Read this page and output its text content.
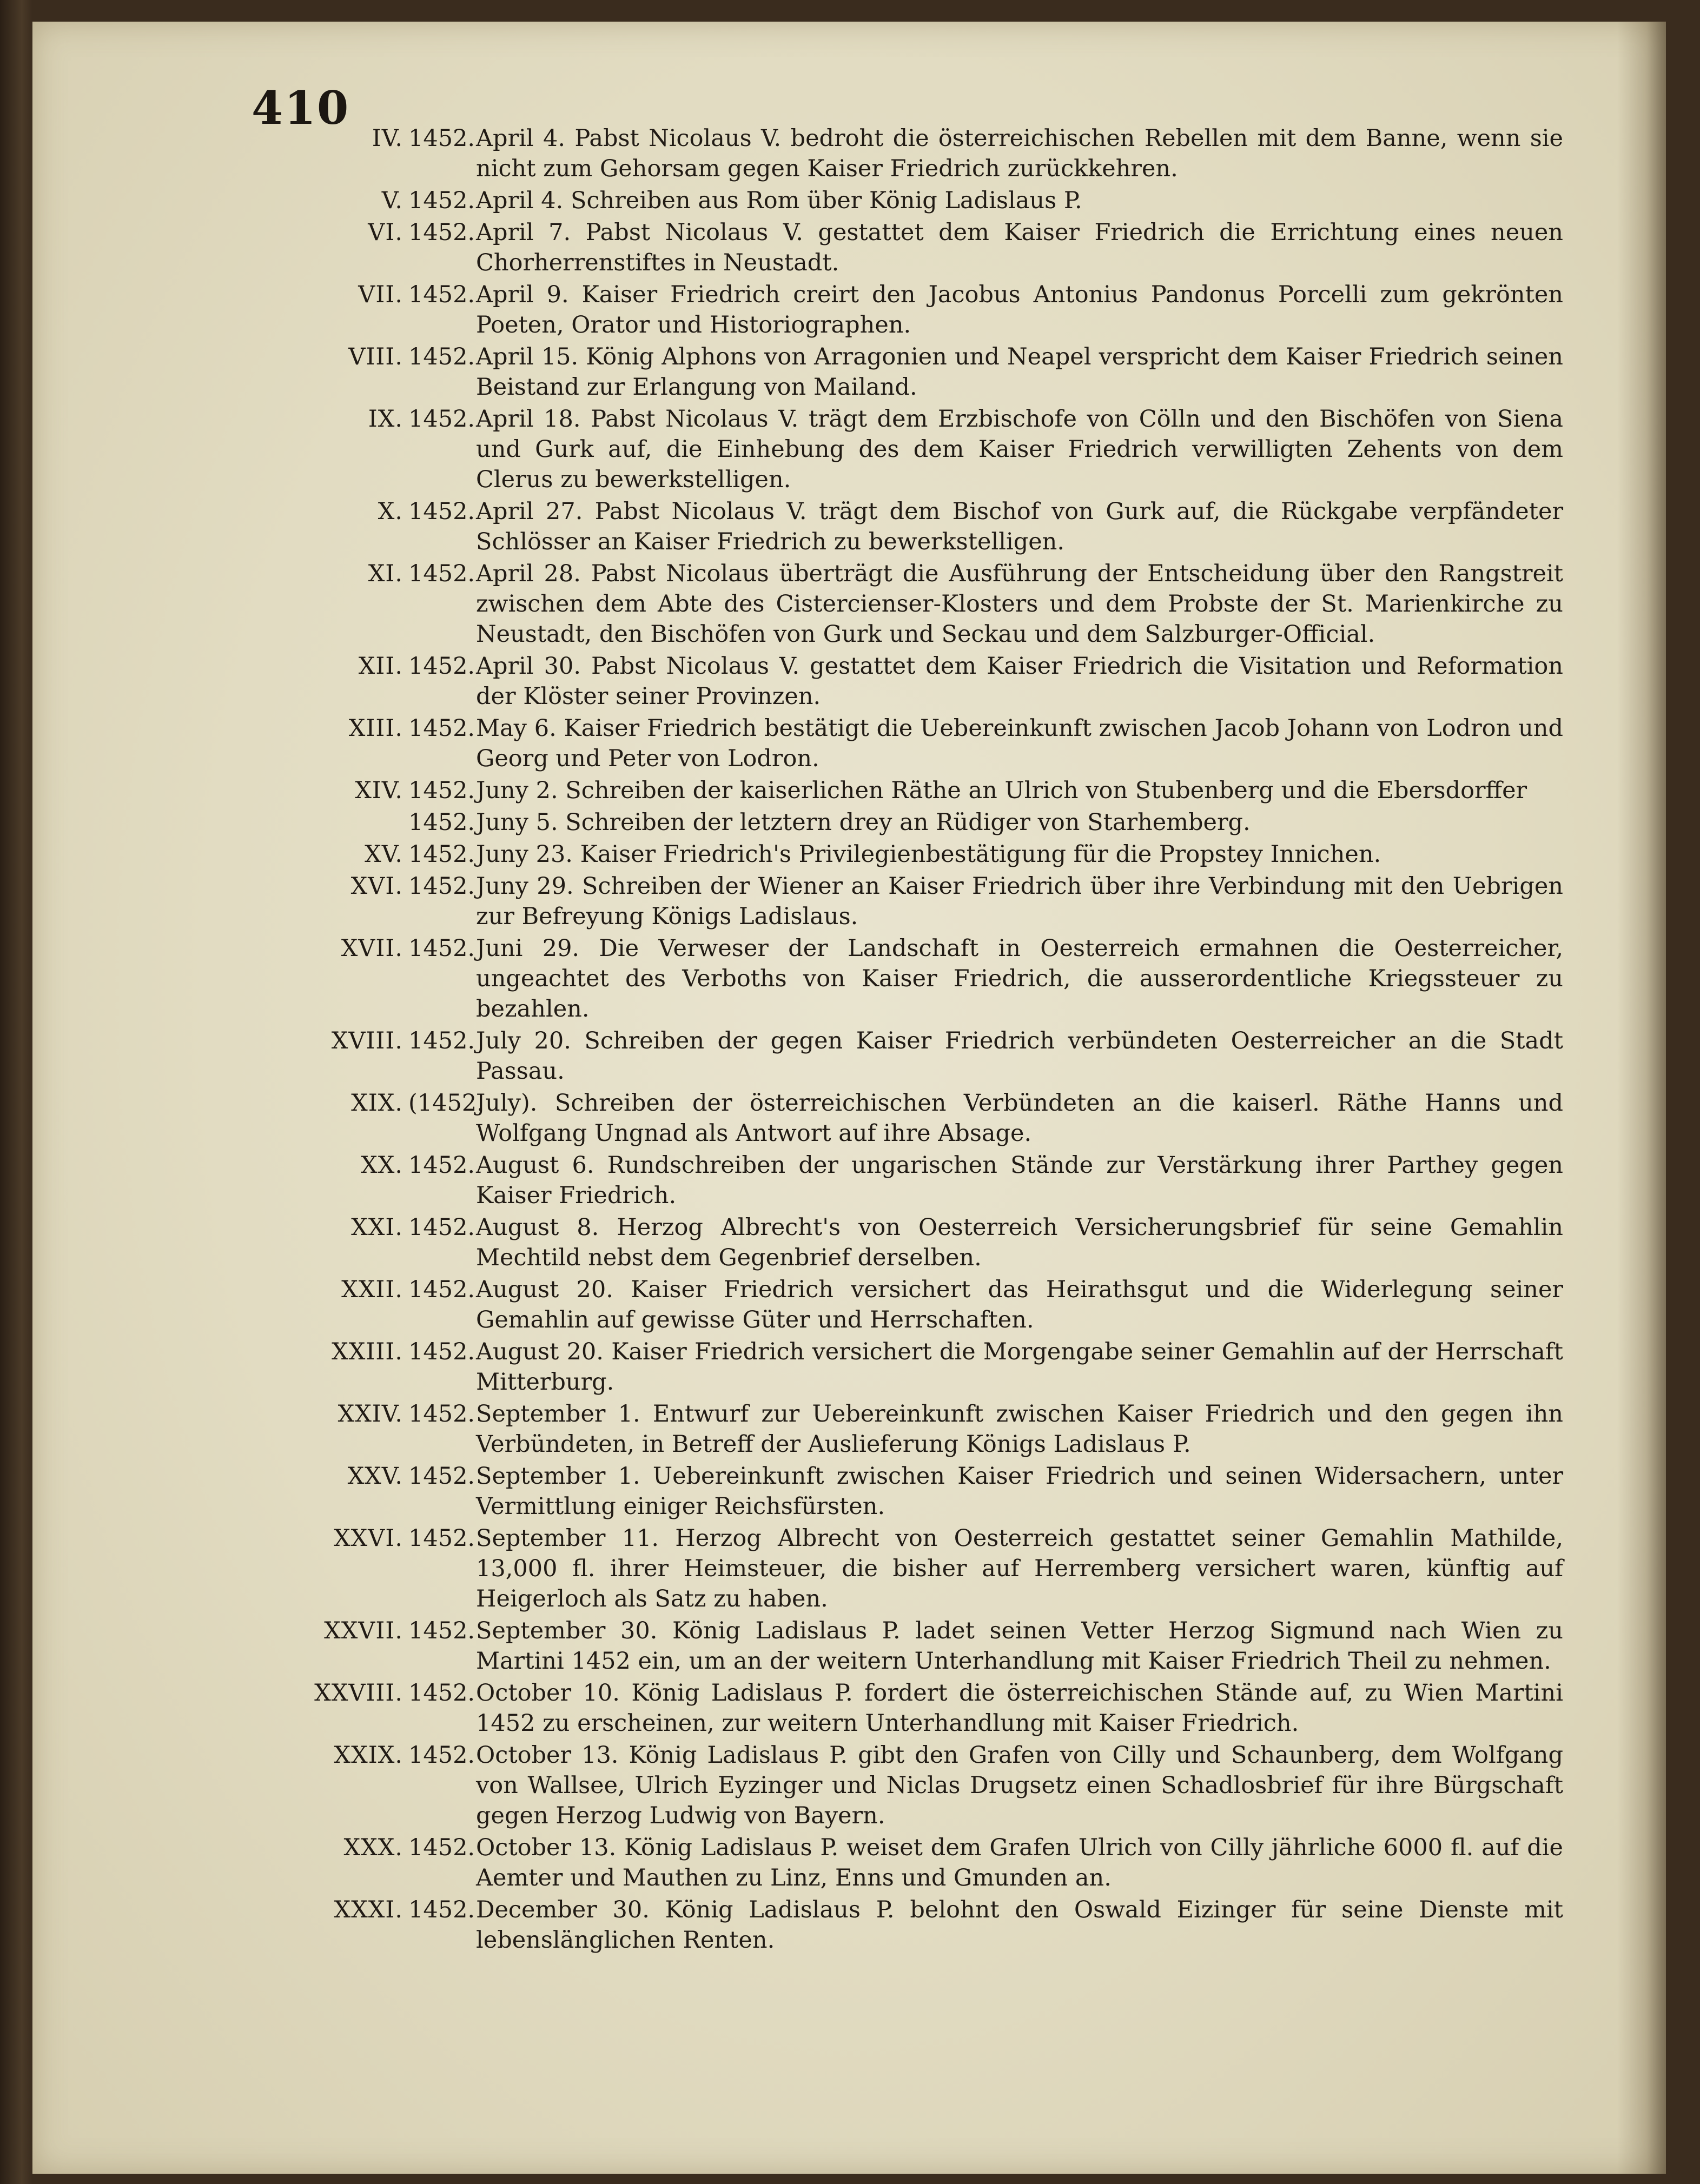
410
IV. 1452. April 4. Pabst Nicolaus V. bedroht die österreichischen Rebellen mit dem Banne, wenn sie nicht zum Gehorsam gegen Kaiser Friedrich zurückkehren.
V. 1452. April 4. Schreiben aus Rom über König Ladislaus P.
VI. 1452. April 7. Pabst Nicolaus V. gestattet dem Kaiser Friedrich die Errichtung eines neuen Chorherrenstiftes in Neustadt.
VII. 1452. April 9. Kaiser Friedrich creirt den Jacobus Antonius Pandonus Porcelli zum gekrönten Poeten, Orator und Historiographen.
VIII. 1452. April 15. König Alphons von Arragonien und Neapel verspricht dem Kaiser Friedrich seinen Beistand zur Erlangung von Mailand.
IX. 1452. April 18. Pabst Nicolaus V. trägt dem Erzbischofe von Cölln und den Bischöfen von Siena und Gurk auf, die Einhebung des dem Kaiser Friedrich verwilligten Zehents von dem Clerus zu bewerkstelligen.
X. 1452. April 27. Pabst Nicolaus V. trägt dem Bischof von Gurk auf, die Rückgabe verpfändeter Schlösser an Kaiser Friedrich zu bewerkstelligen.
XI. 1452. April 28. Pabst Nicolaus überträgt die Ausführung der Entscheidung über den Rangstreit zwischen dem Abte des Cistercienser-Klosters und dem Probste der St. Marienkirche zu Neustadt, den Bischöfen von Gurk und Seckau und dem Salzburger-Official.
XII. 1452. April 30. Pabst Nicolaus V. gestattet dem Kaiser Friedrich die Visitation und Reformation der Klöster seiner Provinzen.
XIII. 1452. May 6. Kaiser Friedrich bestätigt die Uebereinkunft zwischen Jacob Johann von Lodron und Georg und Peter von Lodron.
XIV. 1452. Juny 2. Schreiben der kaiserlichen Räthe an Ulrich von Stubenberg und die Ebersdorffer
1452. Juny 5. Schreiben der letztern drey an Rüdiger von Starhemberg.
XV. 1452. Juny 23. Kaiser Friedrich's Privilegienbestätigung für die Propstey Innichen.
XVI. 1452. Juny 29. Schreiben der Wiener an Kaiser Friedrich über ihre Verbindung mit den Uebrigen zur Befreyung Königs Ladislaus.
XVII. 1452. Juni 29. Die Verweser der Landschaft in Oesterreich ermahnen die Oesterreicher, ungeachtet des Verboths von Kaiser Friedrich, die ausserordentliche Kriegssteuer zu bezahlen.
XVIII. 1452. July 20. Schreiben der gegen Kaiser Friedrich verbündeten Oesterreicher an die Stadt Passau.
XIX. (1452.
July). Schreiben der österreichischen Verbündeten an die kaiserl. Räthe Hanns und Wolfgang Ungnad als Antwort auf ihre Absage.
XX. 1452. August 6. Rundschreiben der ungarischen Stände zur Verstärkung ihrer Parthey gegen Kaiser Friedrich.
XXI. 1452. August 8. Herzog Albrecht's von Oesterreich Versicherungsbrief für seine Gemahlin Mechtild nebst dem Gegenbrief derselben.
XXII. 1452. August 20. Kaiser Friedrich versichert das Heirathsgut und die Widerlegung seiner Gemahlin auf gewisse Güter und Herrschaften.
XXIII. 1452. August 20. Kaiser Friedrich versichert die Morgengabe seiner Gemahlin auf der Herrschaft Mitterburg.
XXIV. 1452. September 1. Entwurf zur Uebereinkunft zwischen Kaiser Friedrich und den gegen ihn Verbündeten, in Betreff der Auslieferung Königs Ladislaus P.
XXV. 1452. September 1. Uebereinkunft zwischen Kaiser Friedrich und seinen Widersachern, unter Vermittlung einiger Reichsfürsten.
XXVI. 1452. September 11. Herzog Albrecht von Oesterreich gestattet seiner Gemahlin Mathilde, 13,000 fl. ihrer Heimsteuer, die bisher auf Herremberg versichert waren, künftig auf Heigerloch als Satz zu haben.
XXVII. 1452. September 30. König Ladislaus P. ladet seinen Vetter Herzog Sigmund nach Wien zu Martini 1452 ein, um an der weitern Unterhandlung mit Kaiser Friedrich Theil zu nehmen.
XXVIII. 1452. October 10. König Ladislaus P. fordert die österreichischen Stände auf, zu Wien Martini 1452 zu erscheinen, zur weitern Unterhandlung mit Kaiser Friedrich.
XXIX. 1452. October 13. König Ladislaus P. gibt den Grafen von Cilly und Schaunberg, dem Wolfgang von Wallsee, Ulrich Eyzinger und Niclas Drugsetz einen Schadlosbrief für ihre Bürgschaft gegen Herzog Ludwig von Bayern.
XXX. 1452. October 13. König Ladislaus P. weiset dem Grafen Ulrich von Cilly jährliche 6000 fl. auf die Aemter und Mauthen zu Linz, Enns und Gmunden an.
XXXI. 1452. December 30. König Ladislaus P. belohnt den Oswald Eizinger für seine Dienste mit lebenslänglichen Renten.
